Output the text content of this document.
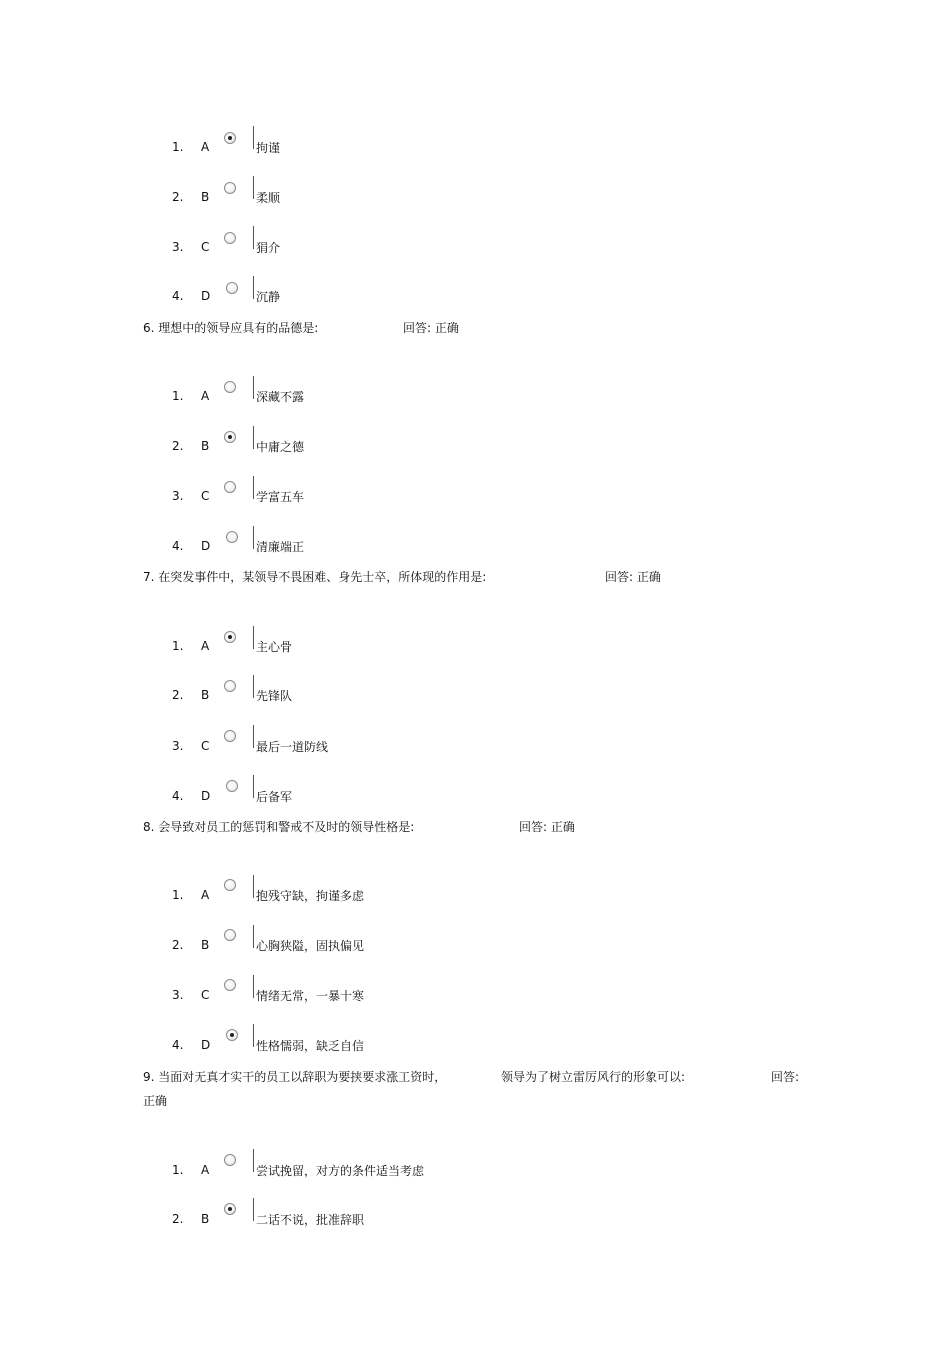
1. A	拘谨
2. B	柔顺
3. C	狷介
4. D	沉静
6. 理想中的领导应具有的品德是:	回答: 正确
1. A	深藏不露
2. B	中庸之德
3. C	学富五车
4. D	清廉端正
7. 在突发事件中，某领导不畏困难、身先士卒，所体现的作用是:	回答: 正确
1. A	主心骨
2. B	先锋队
3. C	最后一道防线
4. D	后备军
8. 会导致对员工的惩罚和警戒不及时的领导性格是:	回答: 正确
1. A	抱残守缺，拘谨多虑
2. B	心胸狭隘，固执偏见
3. C	情绪无常，一暴十寒
4. D	性格懦弱，缺乏自信
9. 当面对无真才实干的员工以辞职为要挟要求涨工资时，	领导为了树立雷厉风行的形象可以:	回答:
正确
1. A	尝试挽留，对方的条件适当考虑
2. B	二话不说，批准辞职
